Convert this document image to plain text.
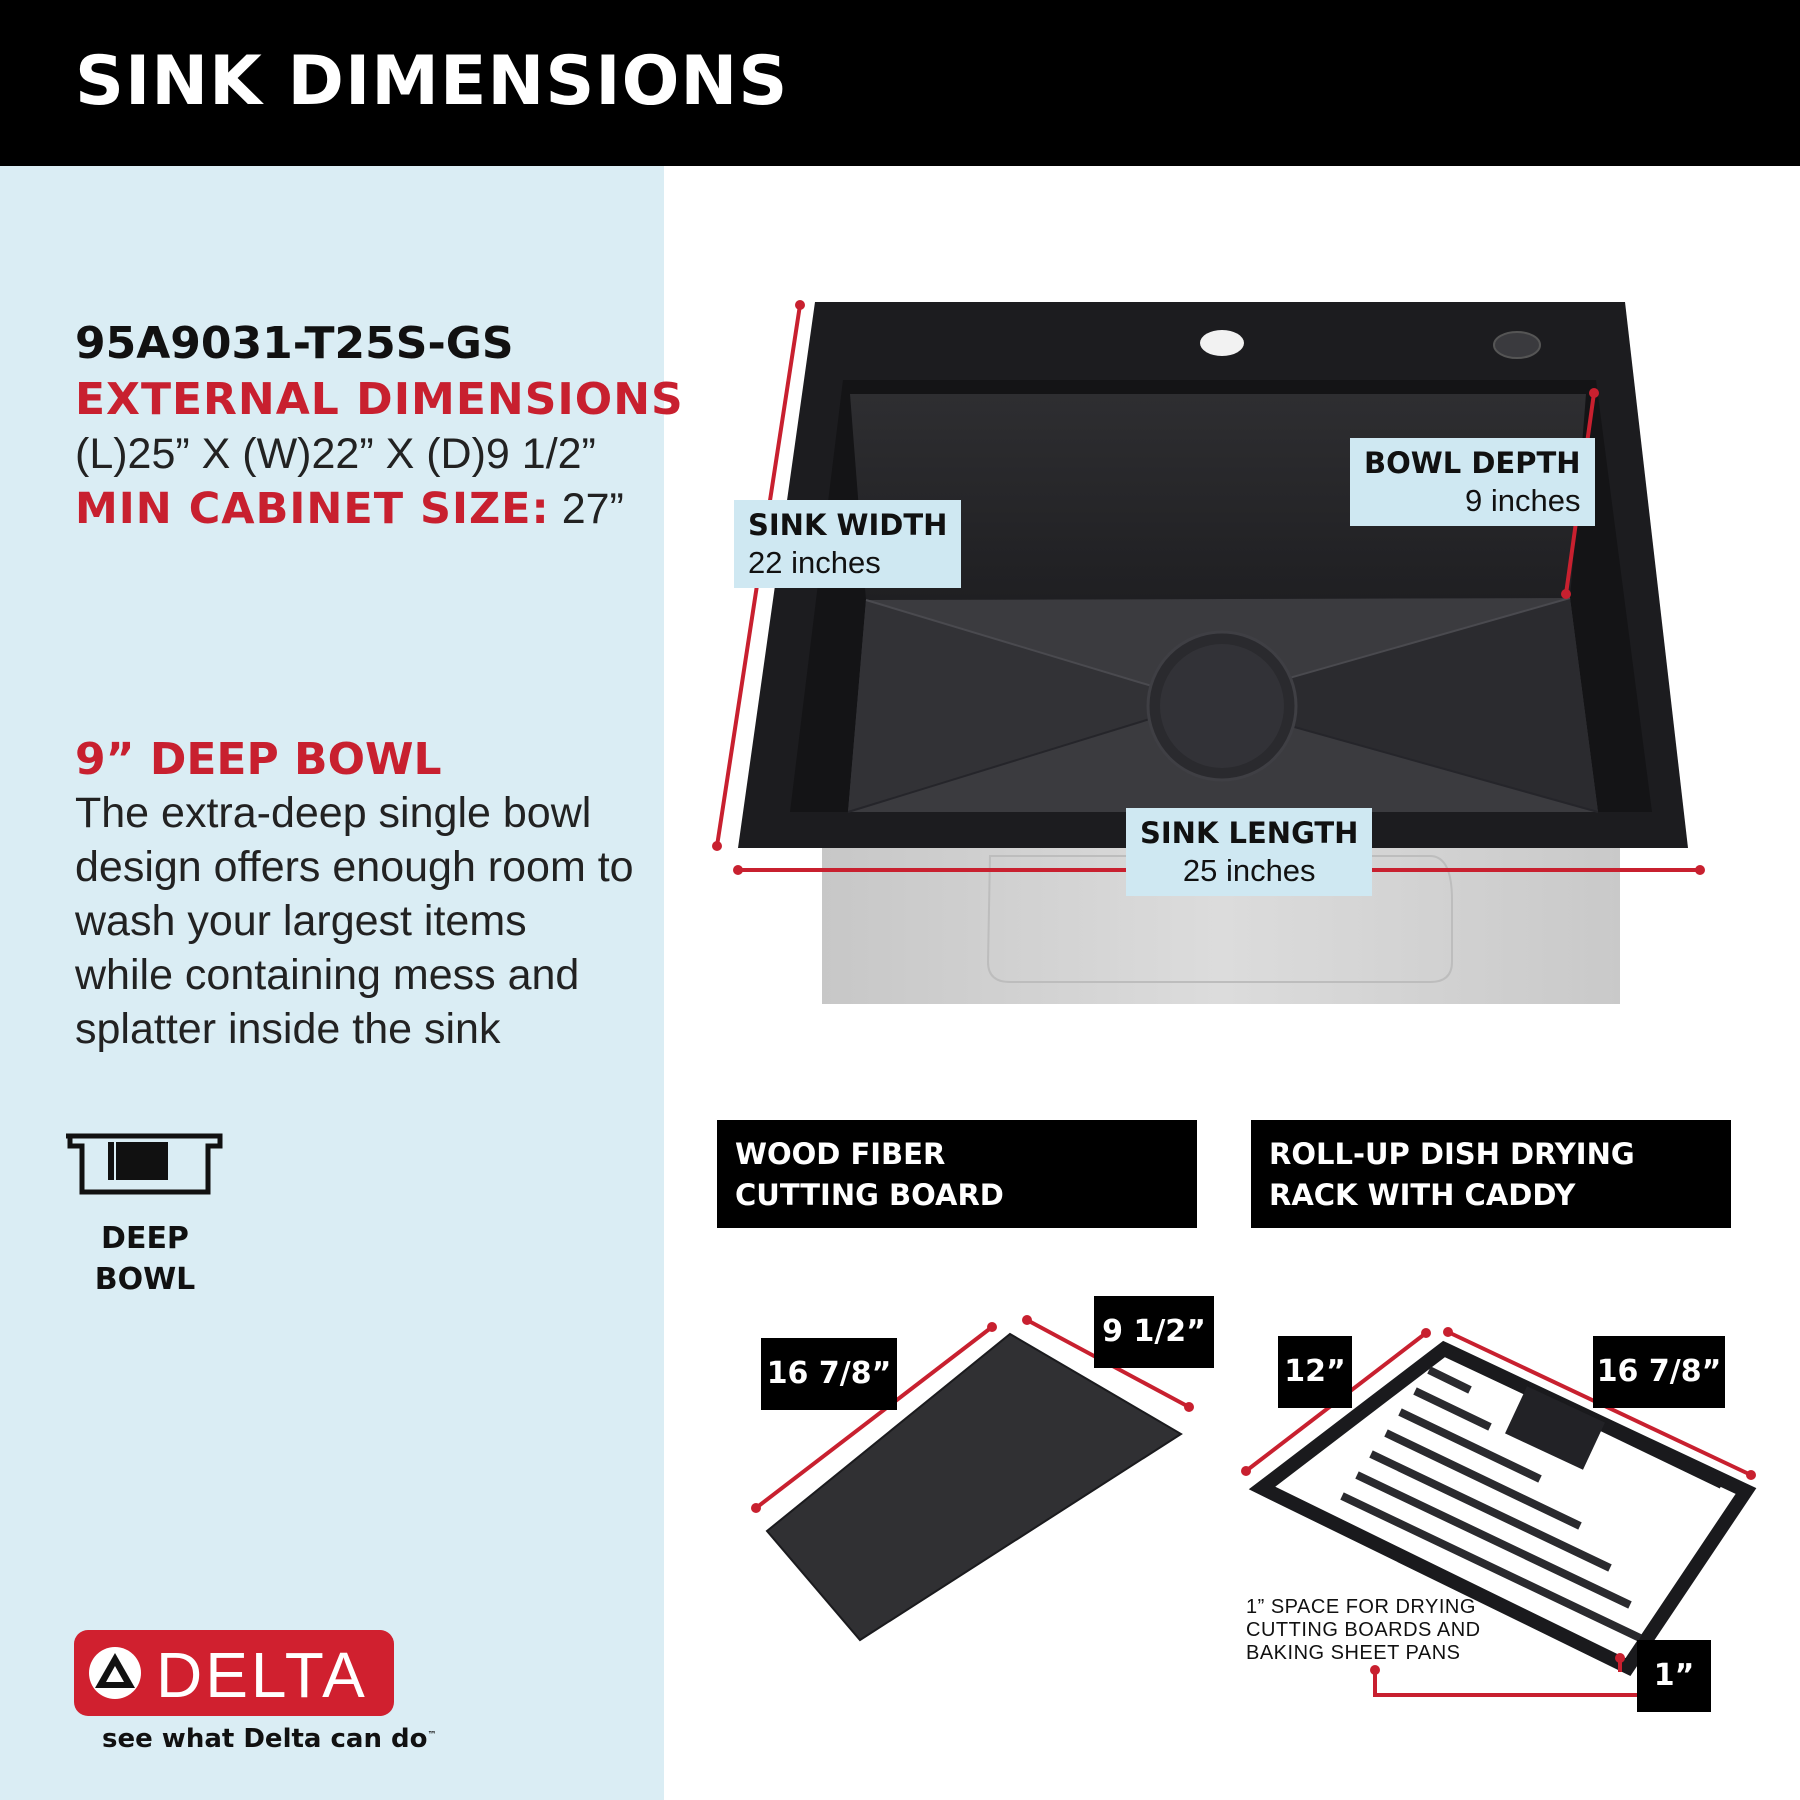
SINK DIMENSIONS
95A9031-T25S-GS
EXTERNAL DIMENSIONS
(L)25” X (W)22” X (D)9 1/2”
MIN CABINET SIZE: 27”
9” DEEP BOWL
The extra-deep single bowl design offers enough room to wash your largest items while containing mess and splatter inside the sink
DEEP BOWL
DELTA
see what Delta can do™
SINK WIDTH
22 inches
BOWL DEPTH
9 inches
SINK LENGTH
25 inches
WOOD FIBER
CUTTING BOARD
ROLL-UP DISH DRYING
RACK WITH CADDY
16 7/8”
9 1/2”
12”	16 7/8”
1”
1” SPACE FOR DRYING
CUTTING BOARDS AND
BAKING SHEET PANS
